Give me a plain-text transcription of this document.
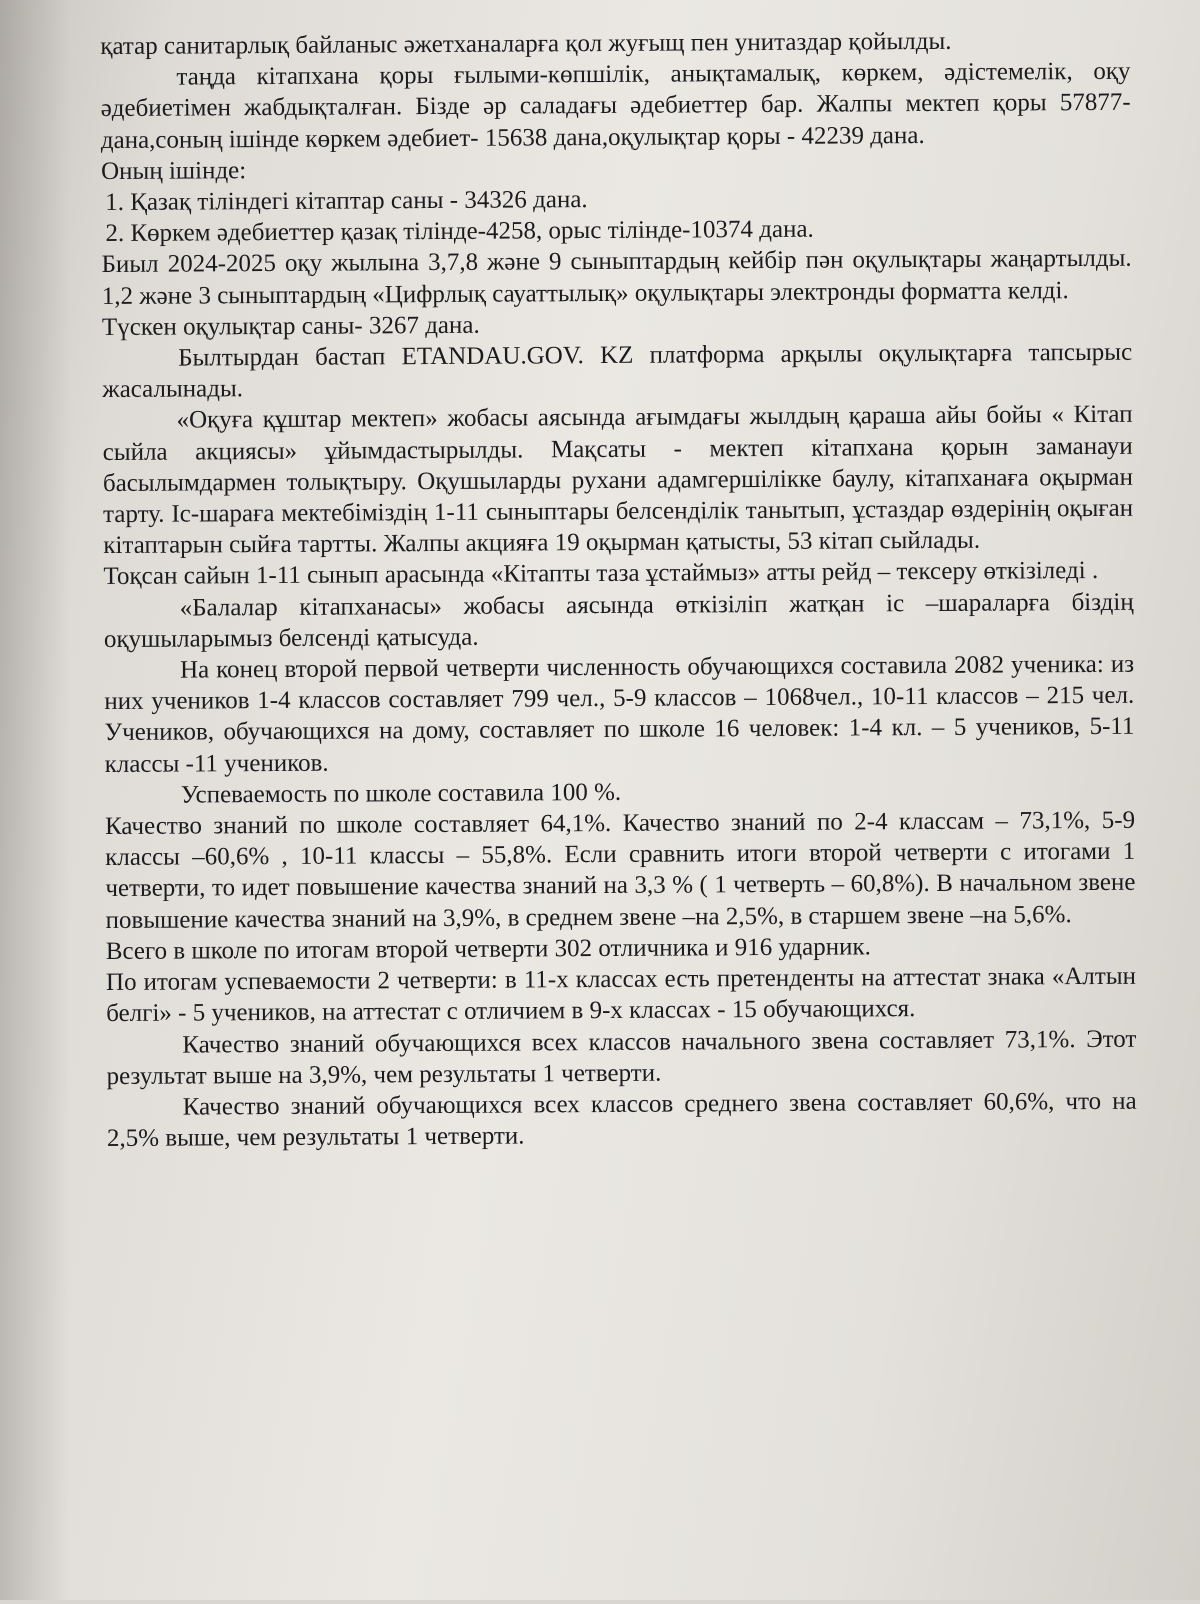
қатар санитарлық байланыс әжетханаларға қол жуғыщ пен унитаздар қойылды.

таңда кітапхана қоры ғылыми-көпшілік, анықтамалық, көркем, әдістемелік, оқу әдебиетімен жабдықталған. Бізде әр саладағы әдебиеттер бар. Жалпы мектеп қоры 57877-дана,соның ішінде көркем әдебиет- 15638 дана,оқулықтар қоры - 42239 дана.

Оның ішінде:

1. Қазақ тіліндегі кітаптар саны - 34326 дана.

2. Көркем әдебиеттер қазақ тілінде-4258, орыс тілінде-10374 дана.

Биыл 2024-2025 оқу жылына 3,7,8 және 9 сыныптардың кейбір пән оқулықтары жаңартылды. 1,2 және 3 сыныптардың «Цифрлық сауаттылық» оқулықтары электронды форматта келді.

Түскен оқулықтар саны- 3267 дана.

Былтырдан бастап ETANDAU.GOV. KZ платформа арқылы оқулықтарға тапсырыс жасалынады.

«Оқуға құштар мектеп» жобасы аясында ағымдағы жылдың қараша айы бойы « Кітап сыйла акциясы» ұйымдастырылды. Мақсаты - мектеп кітапхана қорын заманауи басылымдармен толықтыру. Оқушыларды рухани адамгершілікке баулу, кітапханаға оқырман тарту. Іс-шараға мектебіміздің 1-11 сыныптары белсенділік танытып, ұстаздар өздерінің оқыған кітаптарын сыйға тартты. Жалпы акцияға 19 оқырман қатысты, 53 кітап сыйлады.

Тоқсан сайын 1-11 сынып арасында «Кітапты таза ұстаймыз» атты рейд – тексеру өткізіледі .

«Балалар кітапханасы» жобасы аясында өткізіліп жатқан іс –шараларға біздің оқушыларымыз белсенді қатысуда.

На конец второй первой четверти численность обучающихся составила 2082 ученика: из них учеников 1-4 классов составляет 799 чел., 5-9 классов – 1068чел., 10-11 классов – 215 чел. Учеников, обучающихся на дому, составляет по школе 16 человек: 1-4 кл. – 5 учеников, 5-11 классы -11 учеников.

Успеваемость по школе составила 100 %.

Качество знаний по школе составляет 64,1%. Качество знаний по 2-4 классам – 73,1%, 5-9 классы –60,6% , 10-11 классы – 55,8%. Если сравнить итоги второй четверти с итогами 1 четверти, то идет повышение качества знаний на 3,3 % ( 1 четверть – 60,8%). В начальном звене повышение качества знаний на 3,9%, в среднем звене –на 2,5%, в старшем звене –на 5,6%.

Всего в школе по итогам второй четверти 302 отличника и 916 ударник.

По итогам успеваемости 2 четверти: в 11-х классах есть претенденты на аттестат знака «Алтын белгі» - 5 учеников, на аттестат с отличием в 9-х классах - 15 обучающихся.

Качество знаний обучающихся всех классов начального звена составляет 73,1%. Этот результат выше на 3,9%, чем результаты 1 четверти.

Качество знаний обучающихся всех классов среднего звена составляет 60,6%, что на 2,5% выше, чем результаты 1 четверти.
